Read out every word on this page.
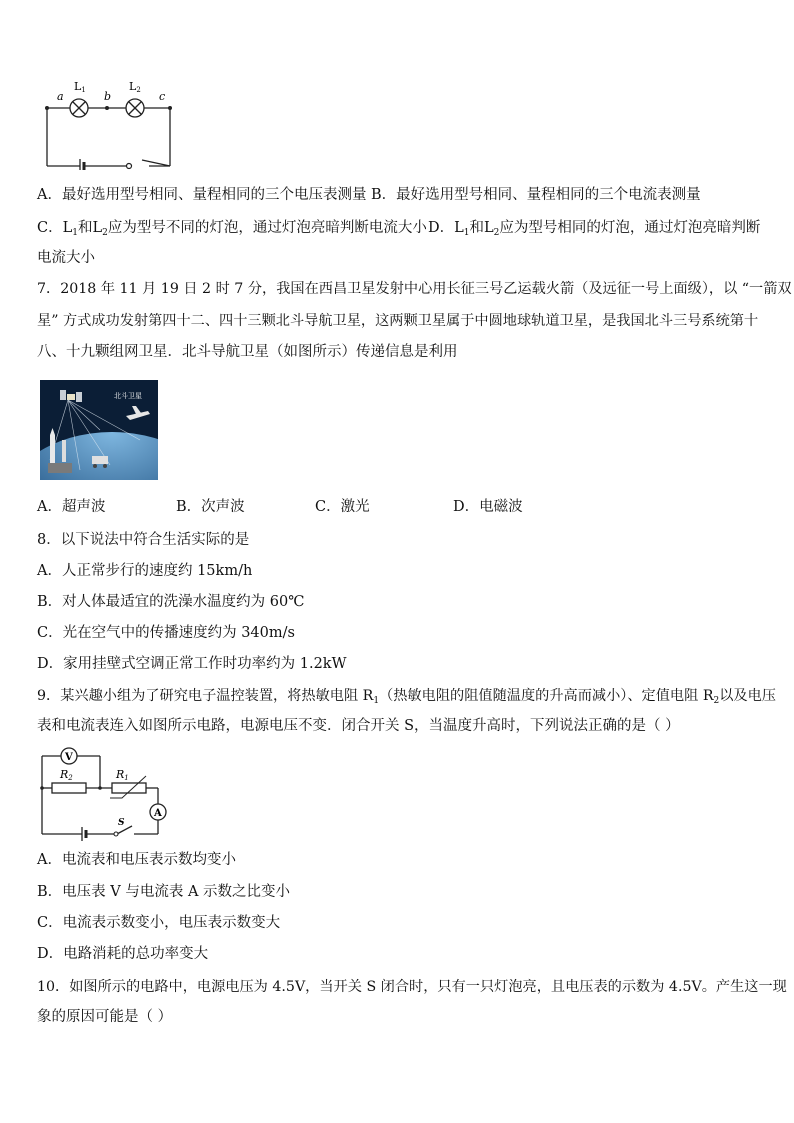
a	b	c
L1	L2
A．最好选用型号相同、量程相同的三个电压表测量 B．最好选用型号相同、量程相同的三个电流表测量
C．$L_1$和$L_2$应为型号不同的灯泡，通过灯泡亮暗判断电流大小 D．$L_1$和$L_2$应为型号相同的灯泡，通过灯泡亮暗判断
电流大小
7．2018 年 11 月 19 日 2 时 7 分，我国在西昌卫星发射中心用长征三号乙运载火箭（及远征一号上面级），以 “一箭双
星” 方式成功发射第四十二、四十三颗北斗导航卫星，这两颗卫星属于中圆地球轨道卫星，是我国北斗三号系统第十
八、十九颗组网卫星．北斗导航卫星（如图所示）传递信息是利用
北斗卫星
A．超声波	B．次声波	C．激光	D．电磁波
8．以下说法中符合生活实际的是
A．人正常步行的速度约 15km/h
B．对人体最适宜的洗澡水温度约为 60℃
C．光在空气中的传播速度约为 340m/s
D．家用挂壁式空调正常工作时功率约为 1.2kW
9．某兴趣小组为了研究电子温控装置，将热敏电阻 $R_1$（热敏电阻的阻值随温度的升高而减小）、定值电阻 $R_2$以及电压
表和电流表连入如图所示电路，电源电压不变．闭合开关 S，当温度升高时，下列说法正确的是（ ）
V
A
R2	R1
S
A．电流表和电压表示数均变小
B．电压表 V 与电流表 A 示数之比变小
C．电流表示数变小，电压表示数变大
D．电路消耗的总功率变大
10．如图所示的电路中，电源电压为 4.5V，当开关 S 闭合时，只有一只灯泡亮，且电压表的示数为 4.5V。产生这一现
象的原因可能是（ ）
